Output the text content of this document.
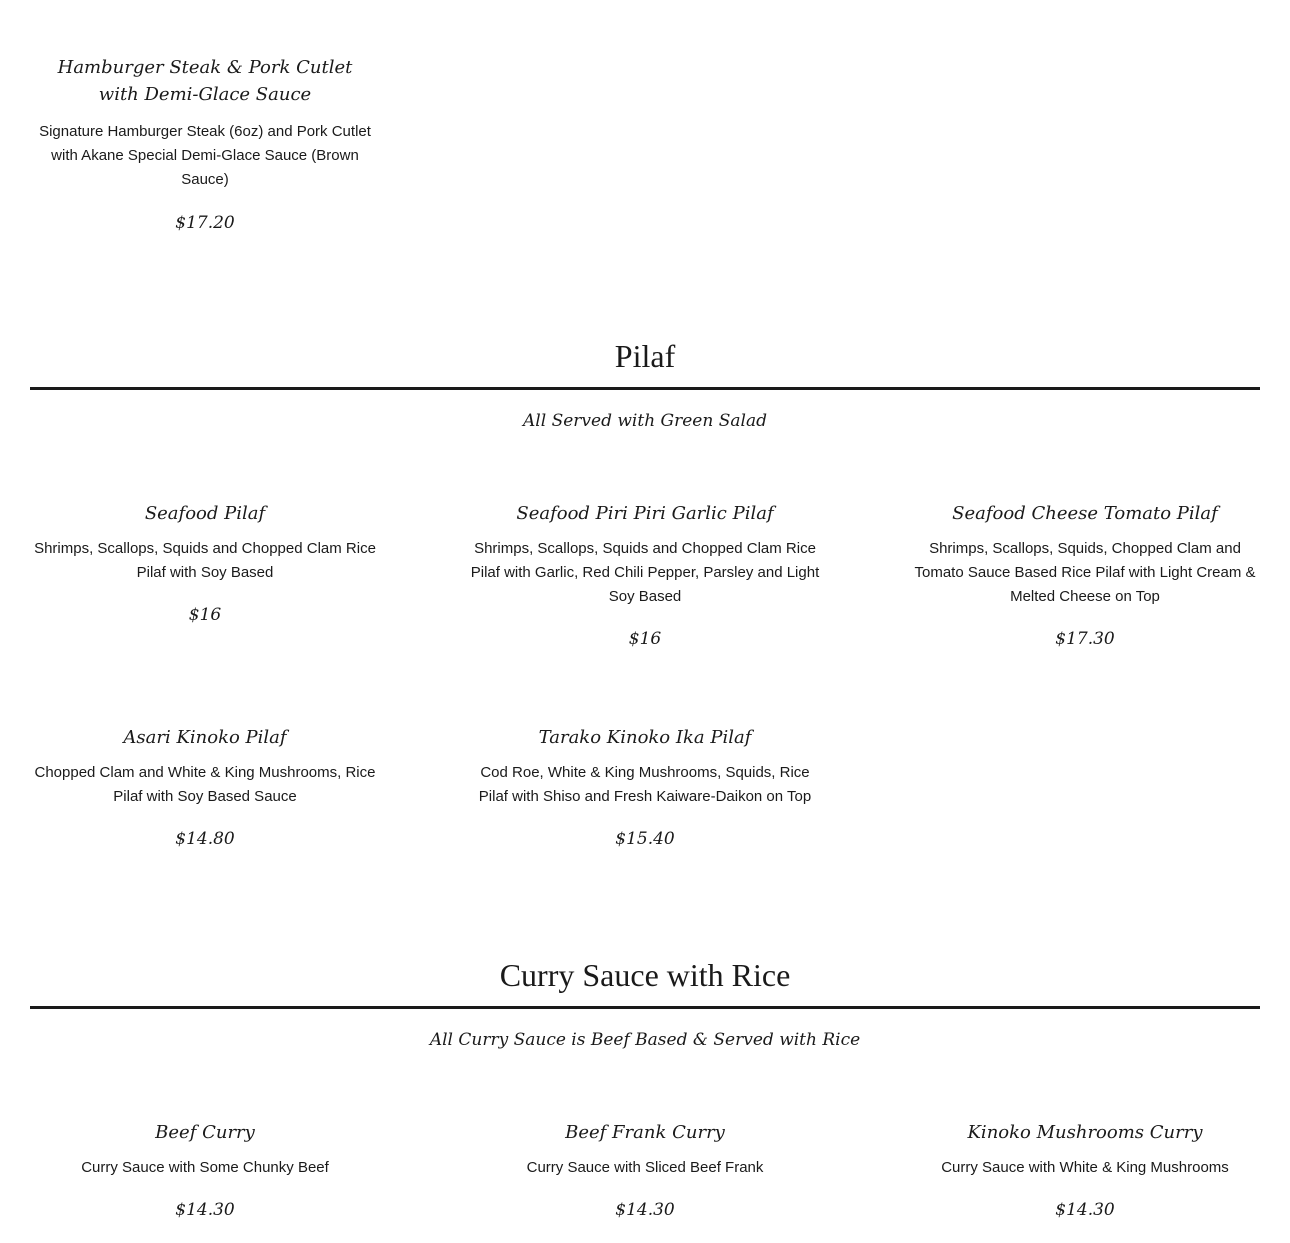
Hamburger Steak & Pork Cutlet with Demi-Glace Sauce

Signature Hamburger Steak (6oz) and Pork Cutlet with Akane Special Demi-Glace Sauce (Brown Sauce)

$17.20

Pilaf

All Served with Green Salad

Seafood Pilaf

Shrimps, Scallops, Squids and Chopped Clam Rice Pilaf with Soy Based

$16

Seafood Piri Piri Garlic Pilaf

Shrimps, Scallops, Squids and Chopped Clam Rice Pilaf with Garlic, Red Chili Pepper, Parsley and Light Soy Based

$16

Seafood Cheese Tomato Pilaf

Shrimps, Scallops, Squids, Chopped Clam and Tomato Sauce Based Rice Pilaf with Light Cream & Melted Cheese on Top

$17.30

Asari Kinoko Pilaf

Chopped Clam and White & King Mushrooms, Rice Pilaf with Soy Based Sauce

$14.80

Tarako Kinoko Ika Pilaf

Cod Roe, White & King Mushrooms, Squids, Rice Pilaf with Shiso and Fresh Kaiware-Daikon on Top

$15.40

Curry Sauce with Rice

All Curry Sauce is Beef Based & Served with Rice

Beef Curry

Curry Sauce with Some Chunky Beef

$14.30

Beef Frank Curry

Curry Sauce with Sliced Beef Frank

$14.30

Kinoko Mushrooms Curry

Curry Sauce with White & King Mushrooms

$14.30
